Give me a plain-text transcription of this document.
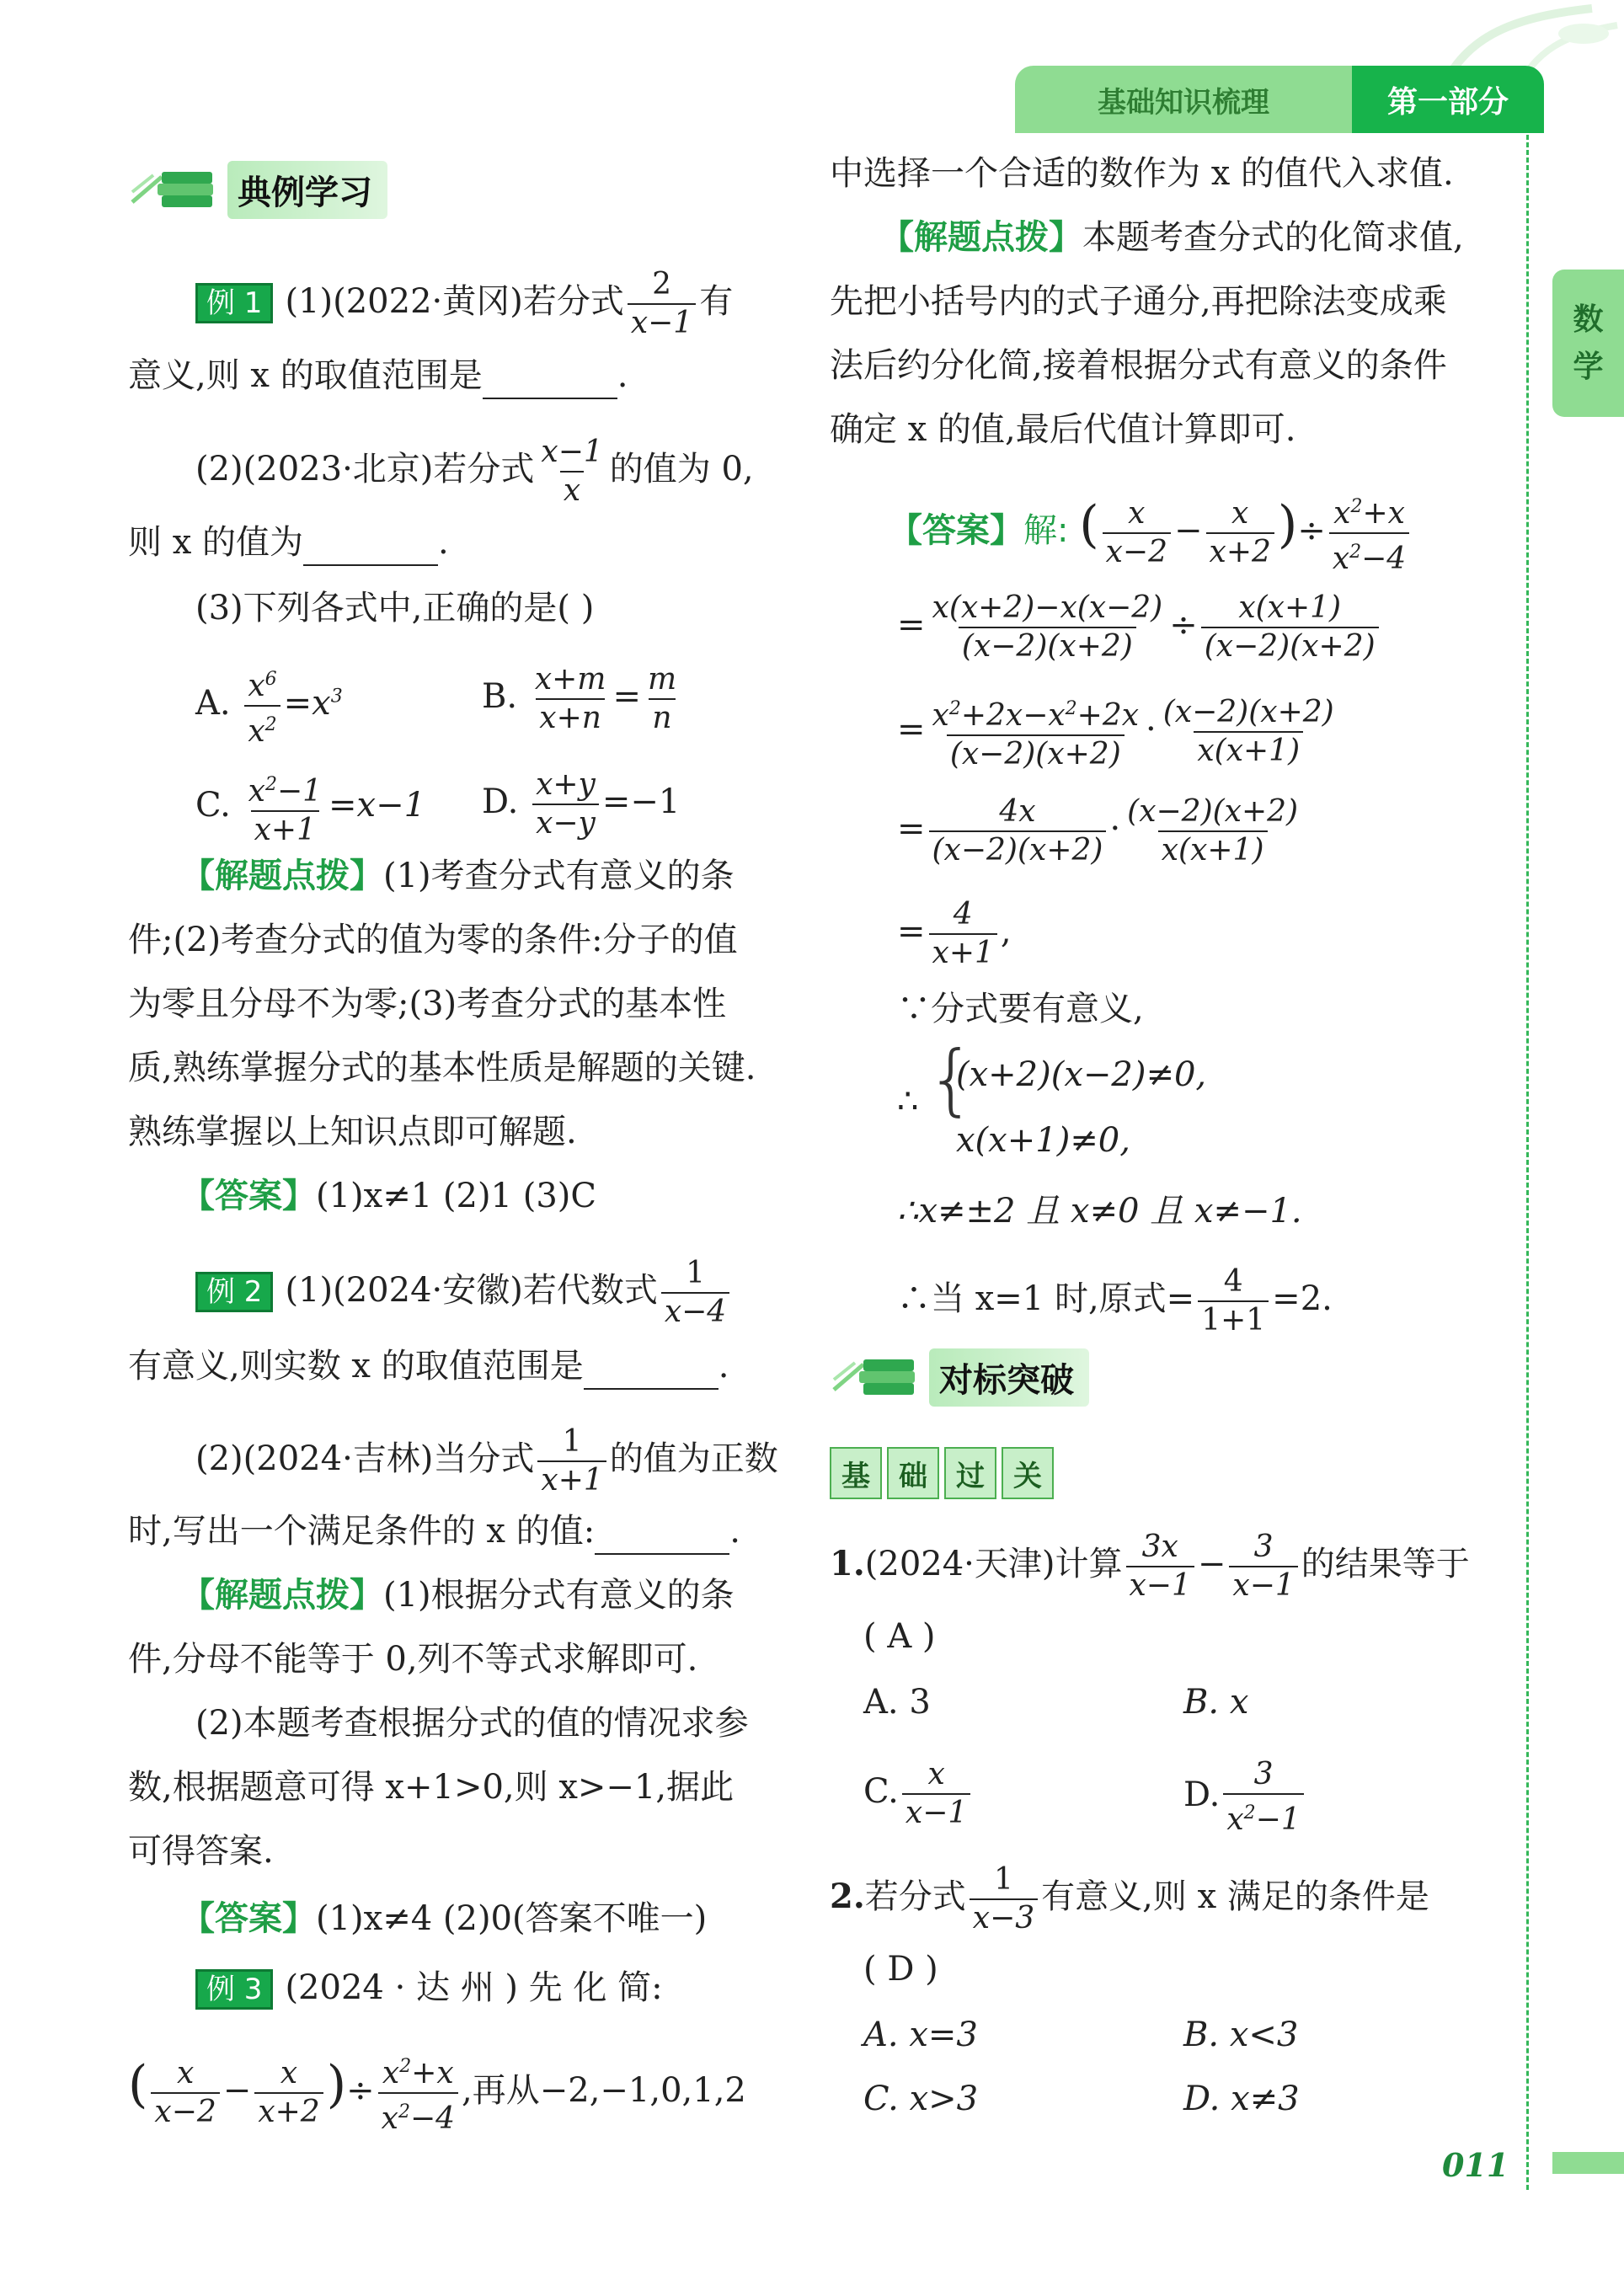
基础知识梳理	第一部分
数
学
典例学习
例 1 (1)(2022·黄冈)若分式 $\frac{2}{x-1}$ 有
意义,则 x 的取值范围是	.
(2)(2023·北京)若分式 $\frac{x-1}{x}$ 的值为 0,
则 x 的值为	.
(3)下列各式中,正确的是( )
A. $\frac{x^6}{x^2} =x^3$	B. $\frac{x+m}{x+n} = \frac{m}{n}$
C. $\frac{x^2-1}{x+1} =x-1$ D. $\frac{x+y}{x-y} =-1$
【解题点拨】(1)考查分式有意义的条
件;(2)考查分式的值为零的条件:分子的值
为零且分母不为零;(3)考查分式的基本性
质,熟练掌握分式的基本性质是解题的关键.
熟练掌握以上知识点即可解题.
【答案】(1)x≠1 (2)1 (3)C
例 2 (1)(2024·安徽)若代数式 $\frac{1}{x-4}$
有意义,则实数 x 的取值范围是	.
(2)(2024·吉林)当分式 $\frac{1}{x+1}$ 的值为正数
时,写出一个满足条件的 x 的值:	.
【解题点拨】(1)根据分式有意义的条
件,分母不能等于 0,列不等式求解即可.
(2)本题考查根据分式的值的情况求参
数,根据题意可得 x+1>0,则 x>−1,据此
可得答案.
【答案】(1)x≠4 (2)0(答案不唯一)
例 3 (2024 · 达 州 ) 先 化 简:
( $\frac{x}{x-2} - \frac{x}{x+2}$ )÷ $\frac{x^2+x}{x^2-4}$ ,再从−2,−1,0,1,2
中选择一个合适的数作为 x 的值代入求值.
【解题点拨】本题考查分式的化简求值,
先把小括号内的式子通分,再把除法变成乘
法后约分化简,接着根据分式有意义的条件
确定 x 的值,最后代值计算即可.
【答案】解: ( $\frac{x}{x-2} - \frac{x}{x+2}$ )÷ $\frac{x^2+x}{x^2-4}$
= $\frac{x(x+2)-x(x-2)}{(x-2)(x+2)} \div \frac{x(x+1)}{(x-2)(x+2)}$
= $\frac{x^2+2x-x^2+2x}{(x-2)(x+2)} \cdot \frac{(x-2)(x+2)}{x(x+1)}$
= $\frac{4x}{(x-2)(x+2)} \cdot \frac{(x-2)(x+2)}{x(x+1)}$
= $\frac{4}{x+1}$ ,
∵分式要有意义,
∴ {
(x+2)(x−2)≠0,
x(x+1)≠0,
∴x≠±2 且 x≠0 且 x≠−1.
∴当 x=1 时,原式= $\frac{4}{1+1} =2$.
对标突破
基	础	过	关
1.(2024·天津)计算 $\frac{3x}{x-1} - \frac{3}{x-1}$ 的结果等于
( A )
A. 3	B. x
C. $\frac{x}{x-1}$	D. $\frac{3}{x^2-1}$
2.若分式 $\frac{1}{x-3}$ 有意义,则 x 满足的条件是
( D )
A. x=3	B. x<3
C. x>3	D. x≠3
011
